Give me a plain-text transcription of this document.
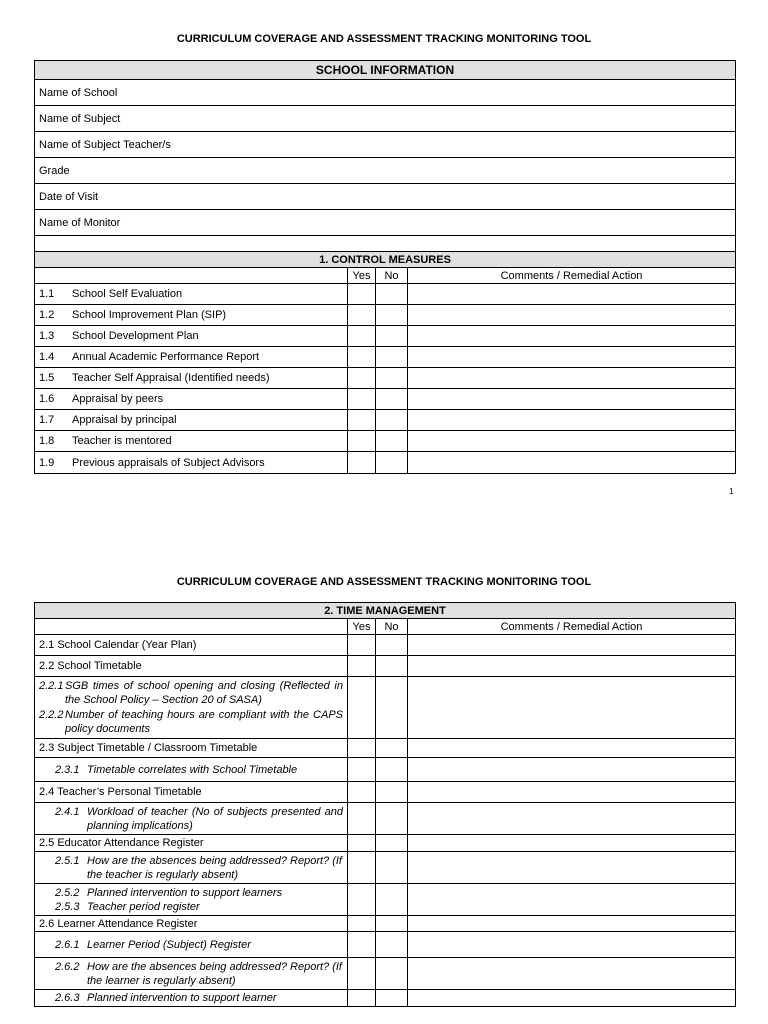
CURRICULUM COVERAGE AND ASSESSMENT TRACKING MONITORING TOOL
SCHOOL INFORMATION			
Name of School			
Name of Subject			
Name of Subject Teacher/s			
Grade			
Date of Visit			
Name of Monitor			

1. CONTROL MEASURES			
	Yes	No	Comments / Remedial Action
1.1 School Self Evaluation			
1.2 School Improvement Plan (SIP)			
1.3 School Development Plan			
1.4 Annual Academic Performance Report			
1.5 Teacher Self Appraisal (Identified needs)			
1.6 Appraisal by peers			
1.7 Appraisal by principal			
1.8 Teacher is mentored			
1.9 Previous appraisals of Subject Advisors			
1
CURRICULUM COVERAGE AND ASSESSMENT TRACKING MONITORING TOOL
2. TIME MANAGEMENT			
	Yes	No	Comments / Remedial Action
2.1 School Calendar (Year Plan)			
2.2 School Timetable			

2.2.1 SGB times of school opening and closing (Reflected in the School Policy – Section 20 of SASA)
2.2.2 Number of teaching hours are compliant with the CAPS policy documents			

2.3 Subject Timetable / Classroom Timetable			
2.3.1 Timetable correlates with School Timetable			
2.4 Teacher’s Personal Timetable			

2.4.1 Workload of teacher (No of subjects presented and planning implications)			

2.5 Educator Attendance Register			

2.5.1 How are the absences being addressed? Report? (If the teacher is regularly absent)			

2.5.2 Planned intervention to support learners
2.5.3 Teacher period register			

2.6 Learner Attendance Register			
2.6.1 Learner Period (Subject) Register			

2.6.2 How are the absences being addressed? Report? (If the learner is regularly absent)			

2.6.3 Planned intervention to support learner			
